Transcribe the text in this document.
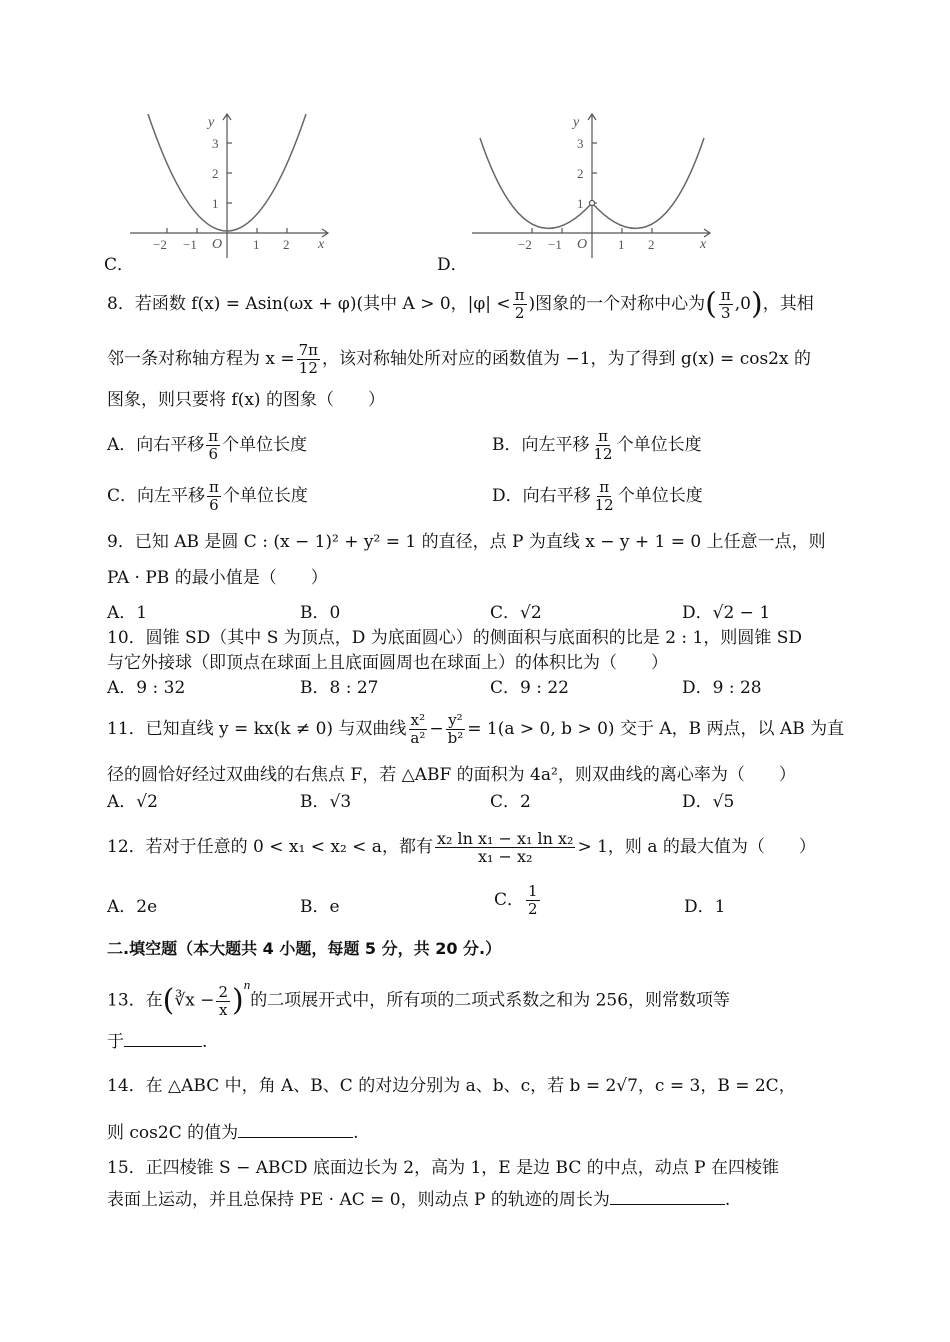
C．
y
x
O
3
2
1
−2 −1	1 2
D．
y
x
O
3
2
1
−2 −1	1 2
8．若函数 f(x) = Asin(ωx + φ)(其中 A > 0，$|\varphi| < \frac{\pi}{2}$ )图象的一个对称中心为( $\frac{\pi}{3} ,0$)，其相
邻一条对称轴方程为 $x = \frac{7\pi}{12}$ ，该对称轴处所对应的函数值为 −1，为了得到 g(x) = cos2x 的
图象，则只要将 f(x) 的图象（　　）
A．向右平移 $\frac{\pi}{6}$ 个单位长度	B．向左平移 $\frac{\pi}{12}$ 个单位长度
C．向左平移 $\frac{\pi}{6}$ 个单位长度	D．向右平移 $\frac{\pi}{12}$ 个单位长度
9．已知 AB 是圆 C : (x − 1)² + y² = 1 的直径，点 P 为直线 x − y + 1 = 0 上任意一点，则
PA · PB 的最小值是（　　）
A．1	B．0	C．√2	D．√2 − 1
10．圆锥 SD（其中 S 为顶点，D 为底面圆心）的侧面积与底面积的比是 2 : 1，则圆锥 SD
与它外接球（即顶点在球面上且底面圆周也在球面上）的体积比为（　　）
A．9 : 32	B．8 : 27	C．9 : 22	D．9 : 28
11．已知直线 y = kx(k ≠ 0) 与双曲线 $\frac{\text{x²}}{\text{a²}} - \frac{\text{y²}}{\text{b²}} = 1(a > 0$, b > 0) 交于 A，B 两点，以 AB 为直
径的圆恰好经过双曲线的右焦点 F，若 △ABF 的面积为 4a²，则双曲线的离心率为（　　）
A．√2	B．√3	C．2	D．√5
12．若对于任意的 0 < x₁ < x₂ < a，都有 $\frac{\text{x₂ ln x₁ − x₁ ln x₂}}{\text{x₁ − x₂}} > 1$，则 a 的最大值为（　　）
A．2e	B．e	C． $\frac{1}{2}$	D．1
二.填空题（本大题共 4 小题，每题 5 分，共 20 分.）
13．在(∛x − $\frac{2}{x} )^n$的二项展开式中，所有项的二项式系数之和为 256，则常数项等
于	.
14．在 △ABC 中，角 A、B、C 的对边分别为 a、b、c，若 b = 2√7，c = 3，B = 2C，
则 cos2C 的值为	.
15．正四棱锥 S − ABCD 底面边长为 2，高为 1，E 是边 BC 的中点，动点 P 在四棱锥
表面上运动，并且总保持 PE · AC = 0，则动点 P 的轨迹的周长为	.
